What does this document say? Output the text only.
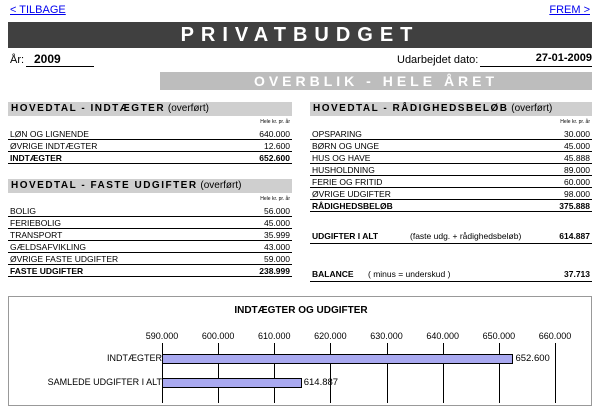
< TILBAGE	FREM >
PRIVATBUDGET
År: 2009	Udarbejdet dato:	27-01-2009
OVERBLIK - HELE ÅRET
HOVEDTAL - INDTÆGTER (overført)
Hele kr. pr. år
LØN OG LIGNENDE	640.000
ØVRIGE INDTÆGTER	12.600
INDTÆGTER	652.600
HOVEDTAL - FASTE UDGIFTER (overført)
Hele kr. pr. år
BOLIG	56.000
FERIEBOLIG	45.000
TRANSPORT	35.999
GÆLDSAFVIKLING	43.000
ØVRIGE FASTE UDGIFTER	59.000
FASTE UDGIFTER	238.999
HOVEDTAL - RÅDIGHEDSBELØB (overført)
Hele kr. pr. år
OPSPARING	30.000
BØRN OG UNGE	45.000
HUS OG HAVE	45.888
HUSHOLDNING	89.000
FERIE OG FRITID	60.000
ØVRIGE UDGIFTER	98.000
RÅDIGHEDSBELØB	375.888
UDGIFTER I ALT	(faste udg. + rådighedsbeløb)	614.887
BALANCE ( minus = underskud )	37.713
INDTÆGTER OG UDGIFTER
590.000	600.000	610.000	620.000	630.000	640.000	650.000	660.000
INDTÆGTER	652.600
SAMLEDE UDGIFTER I ALT	614.887
